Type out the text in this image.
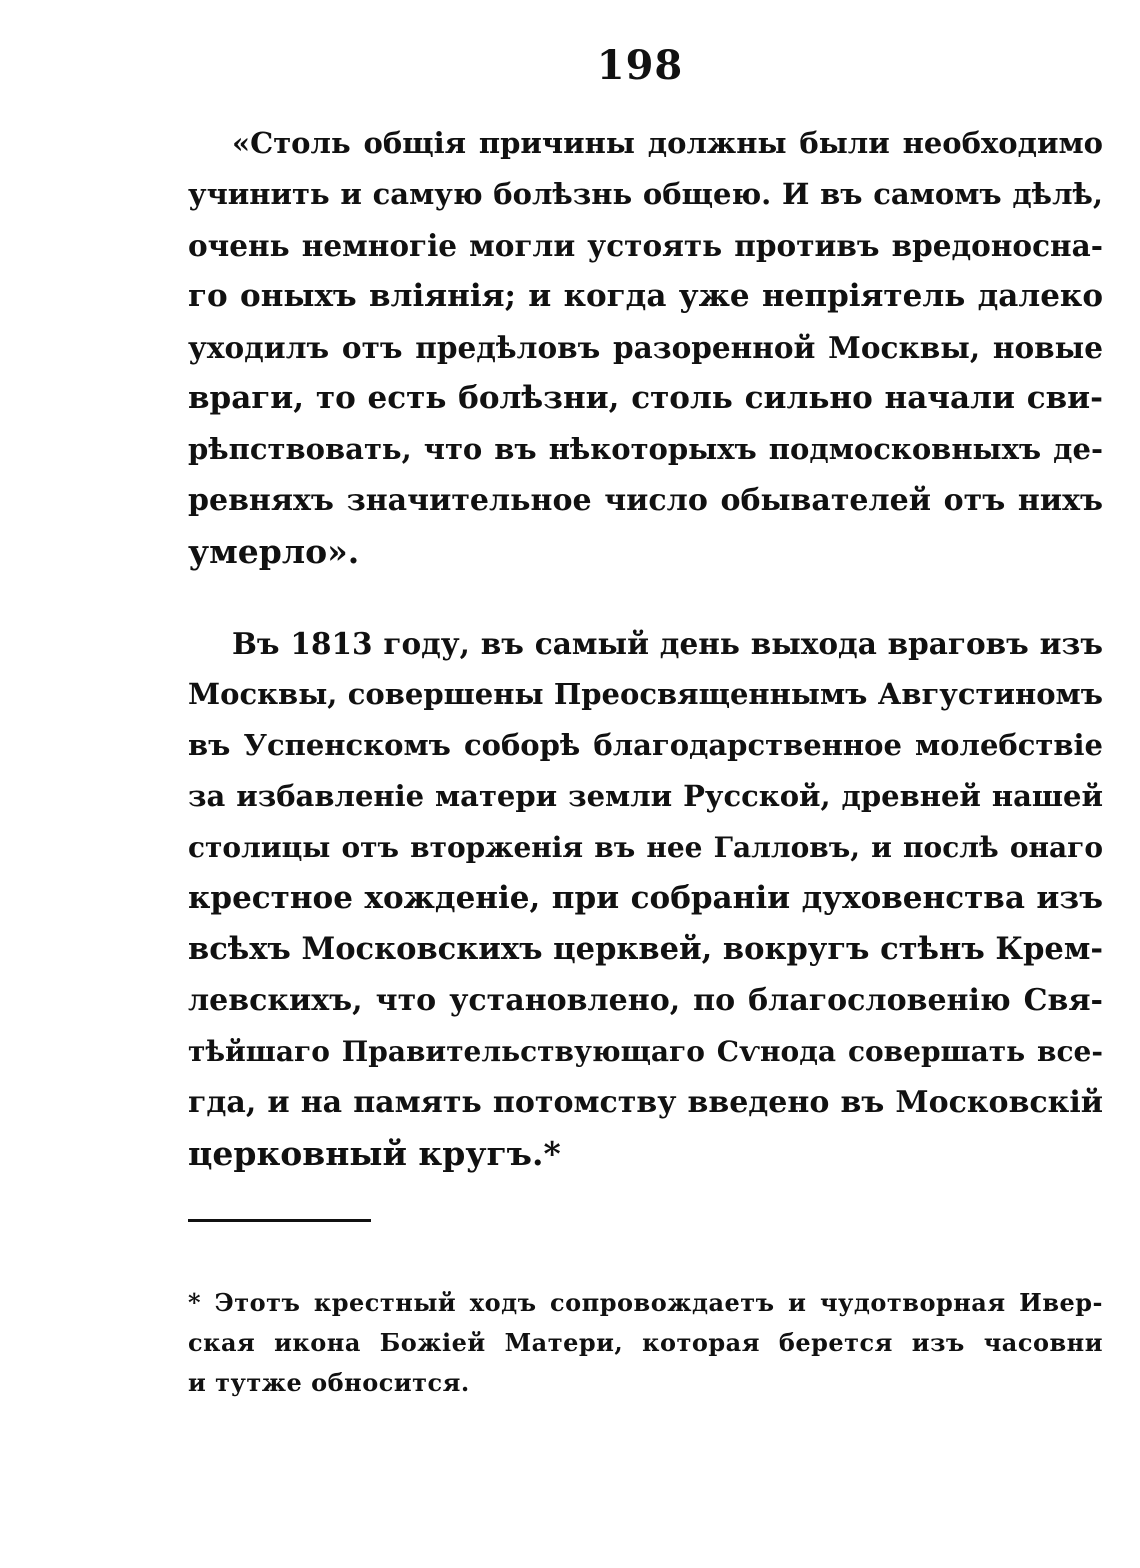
198
«Столь общія причины должны были необходимо
учинить и самую болѣзнь общею. И въ самомъ дѣлѣ,
очень немногіе могли устоять противъ вредоносна-
го оныхъ вліянія; и когда уже непріятель далеко
уходилъ отъ предѣловъ разоренной Москвы, новые
враги, то есть болѣзни, столь сильно начали сви-
рѣпствовать, что въ нѣкоторыхъ подмосковныхъ де-
ревняхъ значительное число обывателей отъ нихъ
умерло».
Въ 1813 году, въ самый день выхода враговъ изъ
Москвы, совершены Преосвященнымъ Августиномъ
въ Успенскомъ соборѣ благодарственное молебствіе
за избавленіе матери земли Русской, древней нашей
столицы отъ вторженія въ нее Галловъ, и послѣ онаго
крестное хожденіе, при собраніи духовенства изъ
всѣхъ Московскихъ церквей, вокругъ стѣнъ Крем-
левскихъ, что установлено, по благословенію Свя-
тѣйшаго Правительствующаго Сѵнода совершать все-
гда, и на память потомству введено въ Московскій
церковный кругъ.*
* Этотъ крестный ходъ сопровождаетъ и чудотворная Ивер-
ская икона Божіей Матери, которая берется изъ часовни
и тутже обносится.
